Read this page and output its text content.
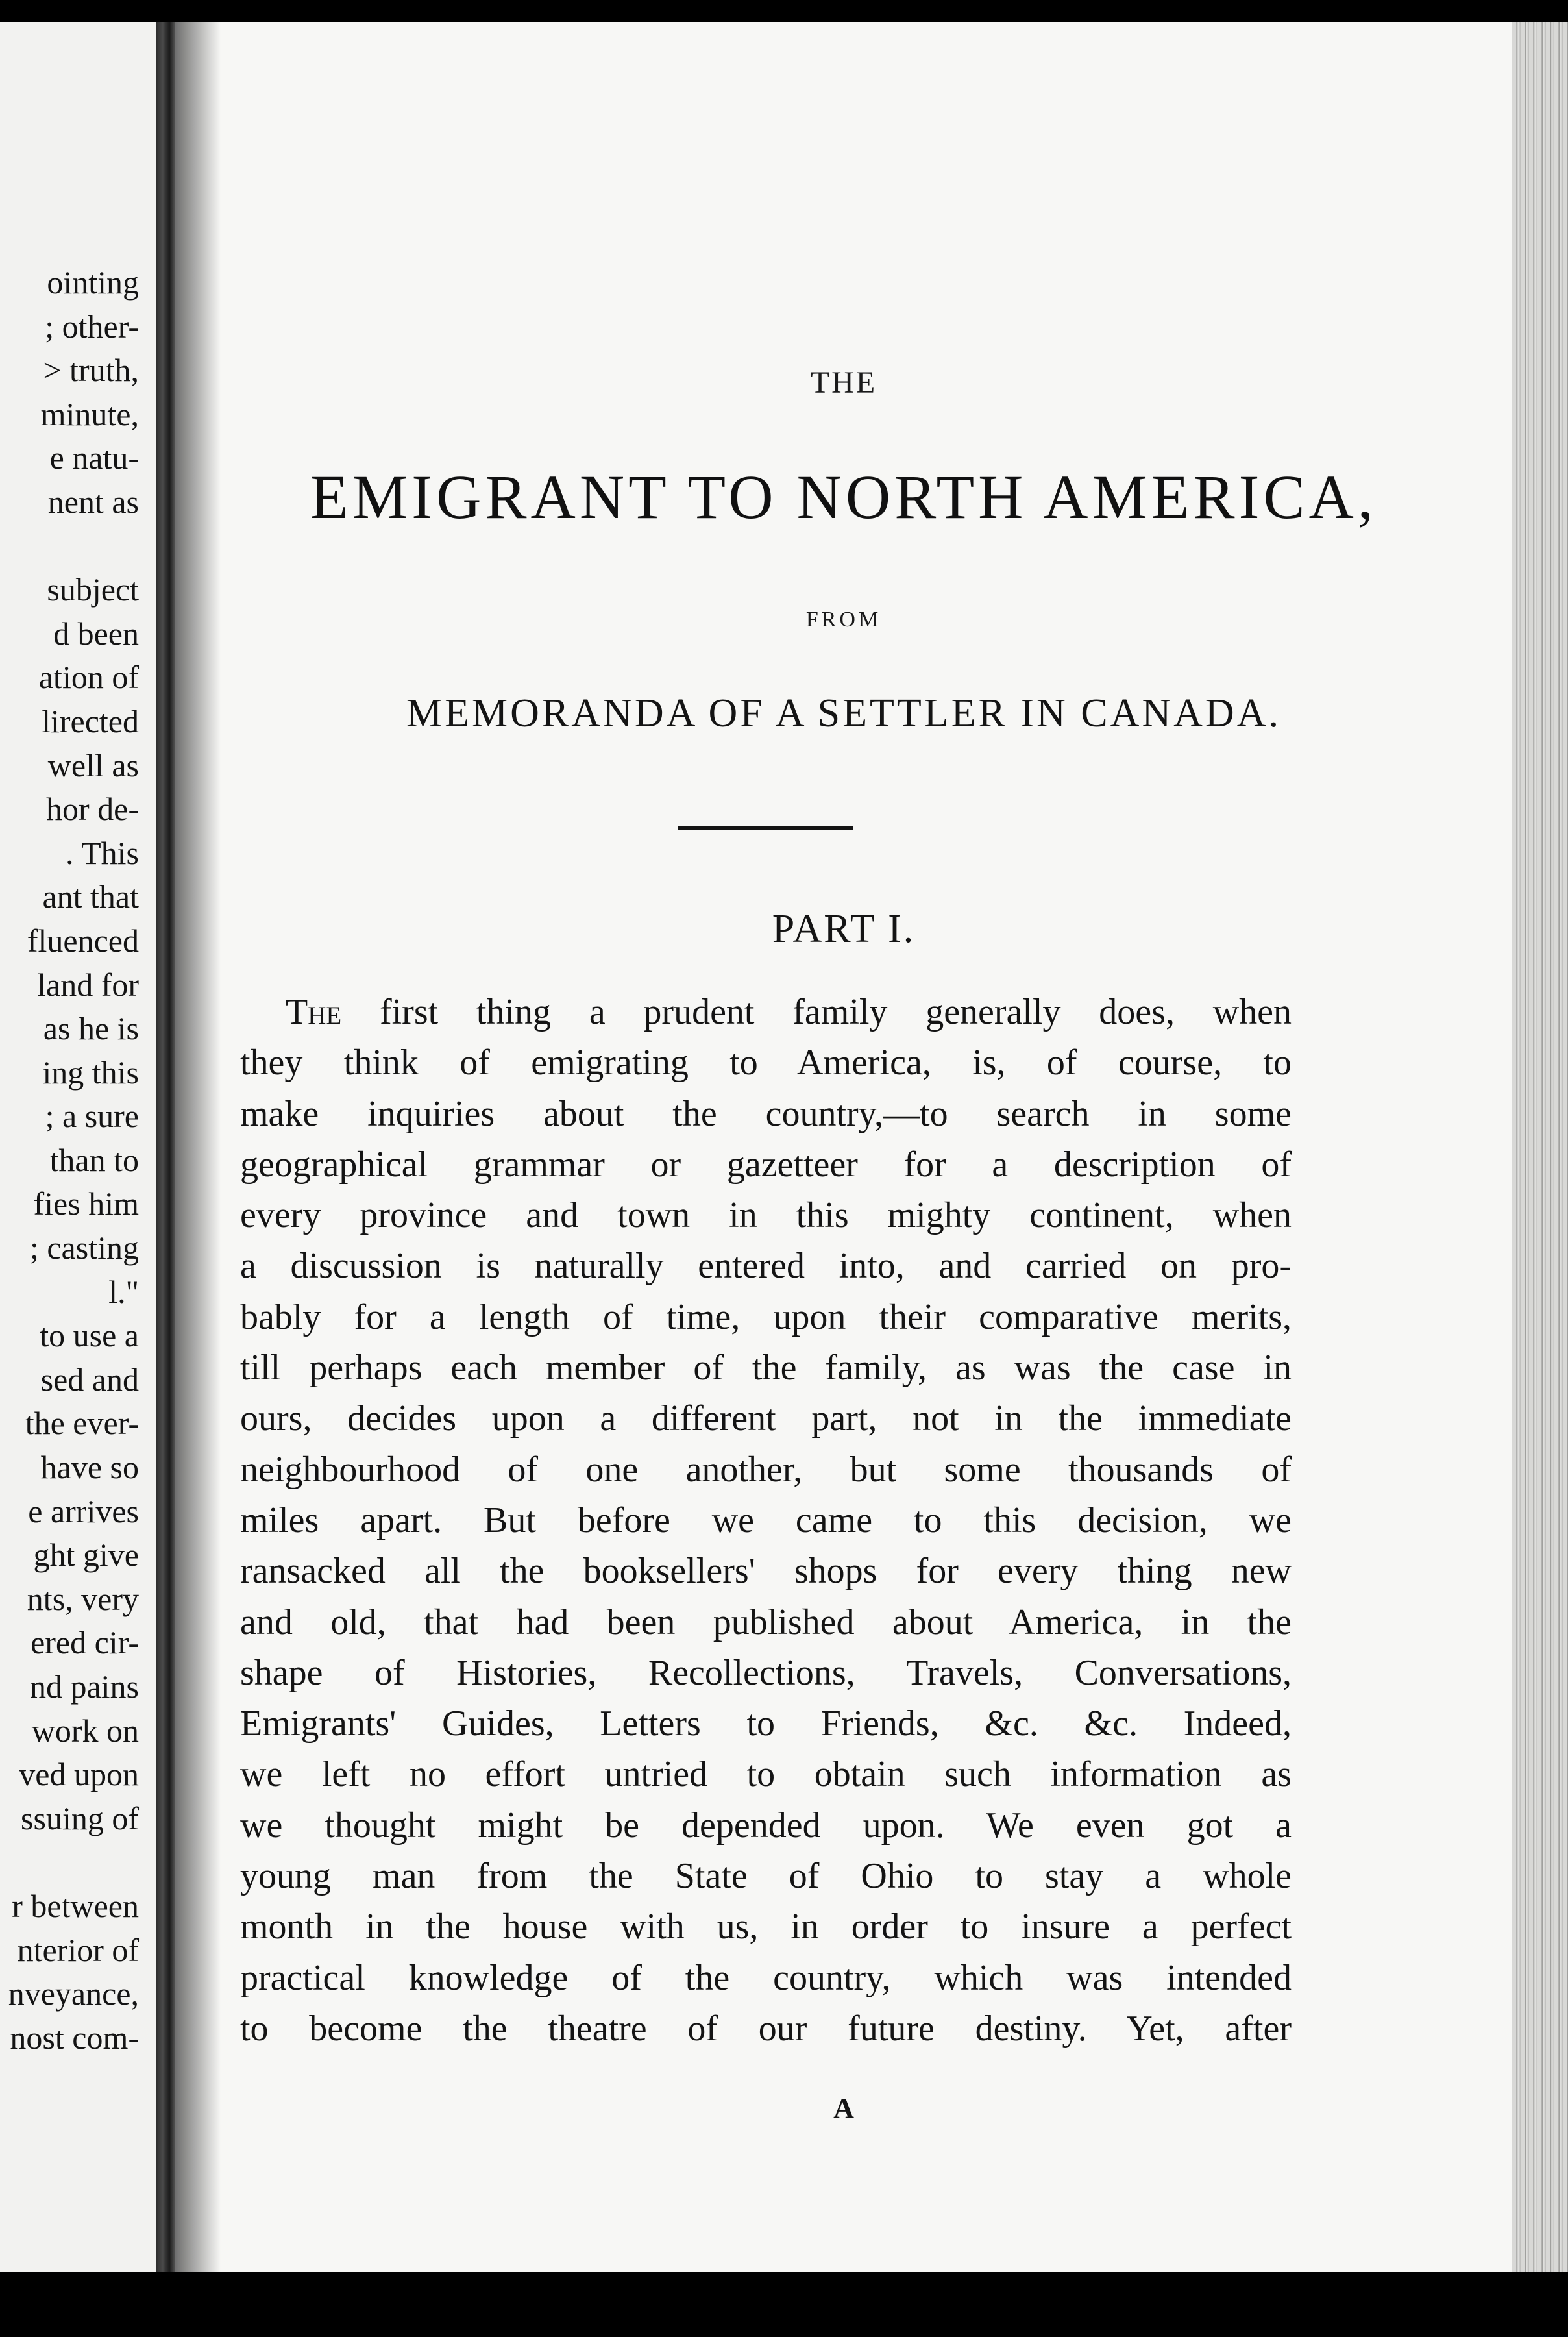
ointing
; other-
> truth,
minute,
e natu-
nent as
subject
d been
ation of
lirected
well as
hor de-
. This
ant that
fluenced
land for
as he is
ing this
; a sure
than to
fies him
; casting
l."
to use a
sed and
the ever-
have so
e arrives
ght give
nts, very
ered cir-
nd pains
work on
ved upon
ssuing of
r between
nterior of
nveyance,
nost com-
THE
EMIGRANT TO NORTH AMERICA,
FROM
MEMORANDA OF A SETTLER IN CANADA.
PART I.
A
The first thing a prudent family generally does, when
they think of emigrating to America, is, of course, to
make inquiries about the country,—to search in some
geographical grammar or gazetteer for a description of
every province and town in this mighty continent, when
a discussion is naturally entered into, and carried on pro-
bably for a length of time, upon their comparative merits,
till perhaps each member of the family, as was the case in
ours, decides upon a different part, not in the immediate
neighbourhood of one another, but some thousands of
miles apart. But before we came to this decision, we
ransacked all the booksellers' shops for every thing new
and old, that had been published about America, in the
shape of Histories, Recollections, Travels, Conversations,
Emigrants' Guides, Letters to Friends, &c. &c. Indeed,
we left no effort untried to obtain such information as
we thought might be depended upon. We even got a
young man from the State of Ohio to stay a whole
month in the house with us, in order to insure a perfect
practical knowledge of the country, which was intended
to become the theatre of our future destiny. Yet, after
